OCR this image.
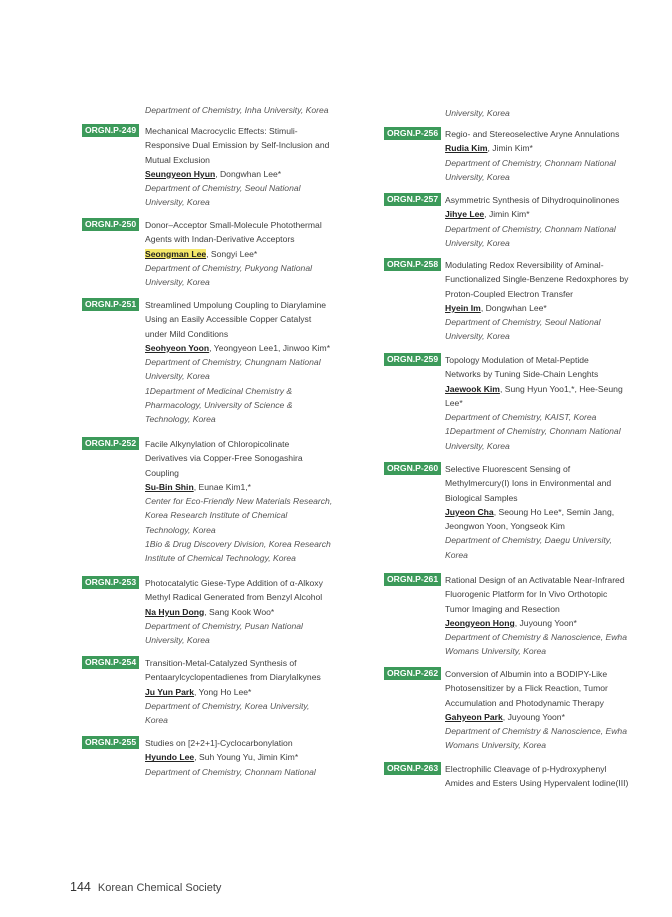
Department of Chemistry, Inha University, Korea
ORGN.P-249	Mechanical Macrocyclic Effects: Stimuli-
Responsive Dual Emission by Self-Inclusion and
Mutual Exclusion
Seungyeon Hyun, Dongwhan Lee*
Department of Chemistry, Seoul National
University, Korea
ORGN.P-250	Donor–Acceptor Small-Molecule Photothermal
Agents with Indan-Derivative Acceptors
Seongman Lee, Songyi Lee*
Department of Chemistry, Pukyong National
University, Korea
ORGN.P-251	Streamlined Umpolung Coupling to Diarylamine
Using an Easily Accessible Copper Catalyst
under Mild Conditions
Seohyeon Yoon, Yeongyeon Lee1, Jinwoo Kim*
Department of Chemistry, Chungnam National
University, Korea
1Department of Medicinal Chemistry &
Pharmacology, University of Science &
Technology, Korea
ORGN.P-252	Facile Alkynylation of Chloropicolinate
Derivatives via Copper-Free Sonogashira
Coupling
Su-Bin Shin, Eunae Kim1,*
Center for Eco-Friendly New Materials Research,
Korea Research Institute of Chemical
Technology, Korea
1Bio & Drug Discovery Division, Korea Research
Institute of Chemical Technology, Korea
ORGN.P-253	Photocatalytic Giese-Type Addition of α-Alkoxy
Methyl Radical Generated from Benzyl Alcohol
Na Hyun Dong, Sang Kook Woo*
Department of Chemistry, Pusan National
University, Korea
ORGN.P-254	Transition-Metal-Catalyzed Synthesis of
Pentaarylcyclopentadienes from Diarylalkynes
Ju Yun Park, Yong Ho Lee*
Department of Chemistry, Korea University,
Korea
ORGN.P-255	Studies on [2+2+1]-Cyclocarbonylation
Hyundo Lee, Suh Young Yu, Jimin Kim*
Department of Chemistry, Chonnam National
University, Korea
ORGN.P-256 Regio- and Stereoselective Aryne Annulations
Rudia Kim, Jimin Kim*
Department of Chemistry, Chonnam National
University, Korea
ORGN.P-257 Asymmetric Synthesis of Dihydroquinolinones
Jihye Lee, Jimin Kim*
Department of Chemistry, Chonnam National
University, Korea
ORGN.P-258 Modulating Redox Reversibility of Aminal-
Functionalized Single-Benzene Redoxphores by
Proton-Coupled Electron Transfer
Hyein Im, Dongwhan Lee*
Department of Chemistry, Seoul National
University, Korea
ORGN.P-259 Topology Modulation of Metal-Peptide
Networks by Tuning Side-Chain Lenghts
Jaewook Kim, Sung Hyun Yoo1,*, Hee-Seung
Lee*
Department of Chemistry, KAIST, Korea
1Department of Chemistry, Chonnam National
University, Korea
ORGN.P-260 Selective Fluorescent Sensing of
Methylmercury(I) Ions in Environmental and
Biological Samples
Juyeon Cha, Seoung Ho Lee*, Semin Jang,
Jeongwon Yoon, Yongseok Kim
Department of Chemistry, Daegu University,
Korea
ORGN.P-261 Rational Design of an Activatable Near-Infrared
Fluorogenic Platform for In Vivo Orthotopic
Tumor Imaging and Resection
Jeongyeon Hong, Juyoung Yoon*
Department of Chemistry & Nanoscience, Ewha
Womans University, Korea
ORGN.P-262 Conversion of Albumin into a BODIPY-Like
Photosensitizer by a Flick Reaction, Tumor
Accumulation and Photodynamic Therapy
Gahyeon Park, Juyoung Yoon*
Department of Chemistry & Nanoscience, Ewha
Womans University, Korea
ORGN.P-263 Electrophilic Cleavage of p-Hydroxyphenyl
Amides and Esters Using Hypervalent Iodine(III)
144 Korean Chemical Society
